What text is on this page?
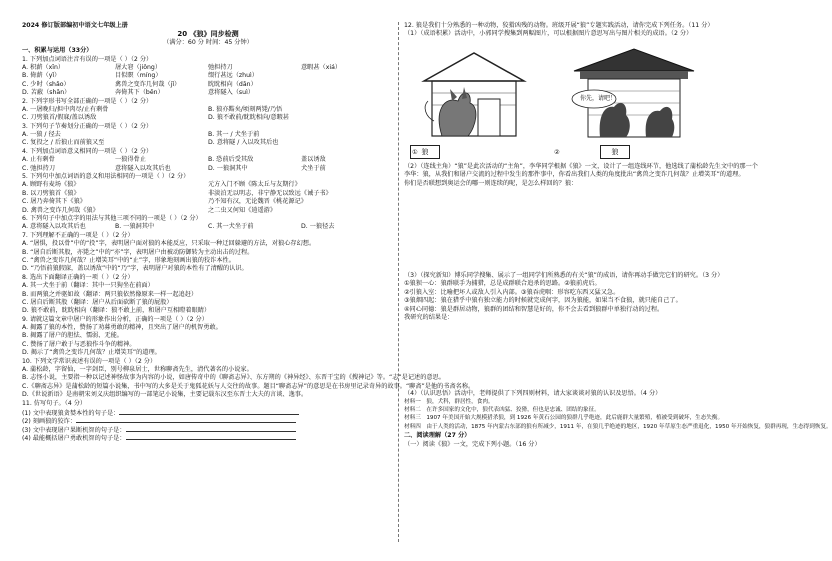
2024 修订版部编初中语文七年级上册
20 《狼》同步检测
（满分：60 分 时间：45 分钟）
一、积累与运用（33分）
1. 下列加点词语注音有误的一项是（ ）（2 分）
A. 积薪（xīn）	屠大窘（jiǒng）	弛担持刀	意暇甚（xiá）
B. 倚薪（yǐ）	目似瞑（míng）	缀行甚远（zhuì）
C. 少时（shǎo）	禽兽之变诈几何哉（jǐ）	眈眈相向（dān）
D. 苫蔽（shān）	奔倚其下（bēn）	意将隧入（suì）
2. 下列字形书写全部正确的一项是（ ）（2 分）
A. 一屠晚归/担中肉尽/止有剩骨	B. 狼亦黠矣/顷刻两毙/乃悟
C. 刀劈狼首/假寐/盖以诱敌	D. 狼不敢前/眈眈相向/意暇甚
3. 下列句子节奏划分正确的一项是（ ）（2 分）
A. 一狼 / 径去	B. 其一 / 犬坐于前
C. 复投之 / 后狼止而前狼又至	D. 意将隧 / 入以攻其后也
4. 下列加点词语意义相同的一项是（ ）（2 分）
A. 止有剩骨	一狼得骨止	B. 恐前后受其敌	盖以诱敌
C. 弛担持刀	意将隧入以攻其后也	D. 一狼洞其中	犬坐于前
5. 下列句中加点词语的意义和用法相同的一项是（ ）（2 分）
A. 顾野有麦场《狼》	元方入门不顾《陈太丘与友期行》
B. 以刀劈狼首《狼》	非淡泊无以明志，非宁静无以致远《诫子书》
C. 屠乃奔倚其下《狼》	乃不知有汉，无论魏晋《桃花源记》
D. 禽兽之变诈几何哉《狼》	之二虫又何知《逍遥游》
6. 下列句子中加点字的用法与其他三项不同的一项是（ ）（2 分）
A. 意将隧入以攻其后也	B. 一狼洞其中	C. 其一犬坐于前	D. 一狼径去
7. 下列理解不正确的一项是（ ）（2 分）
A. “屠惧，投以骨”中的“投”字，表明屠户面对狼的本能反应，只采取一种迂回躲避的方法，对狼心存幻想。
B. “屠自后断其股，亦毙之”中的“亦”字，表明屠户由被动防御转为主动出击的过程。
C. “禽兽之变诈几何哉？止增笑耳”中的“止”字，形象地刻画出狼的狡诈本性。
D. “乃悟前狼假寐，盖以诱敌”中的“乃”字，表明屠户对狼的本性有了清醒的认识。
8. 选出下面翻译正确的一项（ ）（2 分）
A. 其一犬坐于前（翻译：其中一只狗坐在前面）
B. 而两狼之并驱如故（翻译：两只狼依然像原来一样一起追赶）
C. 屠自后断其股（翻译：屠户从后面砍断了狼的屁股）
D. 狼不敢前，眈眈相向（翻译：狼不敢上前，和屠户互相瞪着眼睛）
9. 请就这篇文章中屠户的形象作出分析，正确的一项是（ ）（2 分）
A. 揭露了狼的本性，赞扬了劝募勇敢的精神，且突出了屠户的机智勇敢。
B. 揭露了屠户的胆怯、懦弱、无能。
C. 赞扬了屠户敢于与恶狼作斗争的精神。
D. 揭示了“禽兽之变诈几何哉？止增笑耳”的道理。
10. 下列文学常识表述有误的一项是（ ）（2 分）
A. 蒲松龄，字留仙，一字剑臣，别号柳泉居士，世称聊斋先生，清代著名的小说家。
B. 志怪小说，主要指一种以记述神怪故事为内容的小说，如唐传奇中的《聊斋志异》、东方朔的《神异经》、东晋干宝的《搜神记》等。“志”是记述的意思。
C.《聊斋志异》是蒲松龄的短篇小说集，书中写的大多是关于鬼狐花妖与人交往的故事。题目“聊斋志异”的意思是在书房里记录奇异的故事。“聊斋”是他的书斋名称。
D.《世说新语》是南朝宋刘义庆组织编写的一部笔记小说集，主要记载东汉至东晋士大夫的言谈、逸事。
11. 仿写句子。（4 分）
(1) 文中表现狼贪婪本性的句子是：
(2) 刻画狼的狡诈：
(3) 文中表现屠户果断机智的句子是：
(4) 最能概括屠户勇敢机智的句子是：
12. 狼是我们十分熟悉的一种动物，狡猾凶残的动物。班级开展“狼”专题实践活动，请你完成下列任务。（11 分）
（1）（成语积累）活动中，小郭同学搜集到两幅图片，可以根据图片意思写出与图片相关的成语。（2 分）
狼
你先，请吧！
狼
①	②
（2）（连线主角）“狼”是此次活动的“主角”，李华同学根据《狼》一文，设计了一组连线环节，他选线了蒲松龄先生文中的那一个
李华：狼，从我们和屠户交流的过程中发生的那件事中，你看出我们人类的角度批出“禽兽之变诈几何哉？止增笑耳”的道理。
你们是否联想到奥运会的哪一则连续的呢，是怎么样回的？狼：
（3）（探究新知）博乐同学搜集、展示了一组同学们所熟悉的有关“狼”的成语，请你再动手做完它们的研究。（3 分）
①狼狈一心：狼群联手为捕猎，总是成群联合追杀的思路。②狼前虎后。
②引狼入室：比喻把坏人或敌人引入内部。③狼吞虎咽：形容吃东西又猛又急。
③狼烟四起：狼在猎乎中狼有独立能力的时候就完成何字，因为狼能，如果当不食狼，就只能自己了。
④同心同德：狼是群居动物，狼群的团结和智慧是好的，你不会去看到狼群中单独行动的过程。
我研究的结果是：
（4）（认识思悟）活动中，老师提供了下列四则材料，请大家谈谈对狼的认识及思悟。（4 分）
材料一　狼，犬科，群居性，食肉。
材料二　在许多国家的文化中，狼代表凶猛、狡猾，但也是忠诚、团结的象征。
材料三　1907 年美国开始大规模猎杀狼，到 1926 年黄石公园的狼群几乎绝迹，此后鹿群大量繁殖，植被受到破坏，生态失衡。
材料四　由于人类的活动，1875 年内蒙古东部的狼有所减少，1911 年，在狼几乎绝迹的地区，1920 年草原生态严重退化，1950 年开始恢复，狼群再现，生态得到恢复。
二、阅读理解（27 分）
（一）阅读《狼》一文，完成下列小题。（16 分）
